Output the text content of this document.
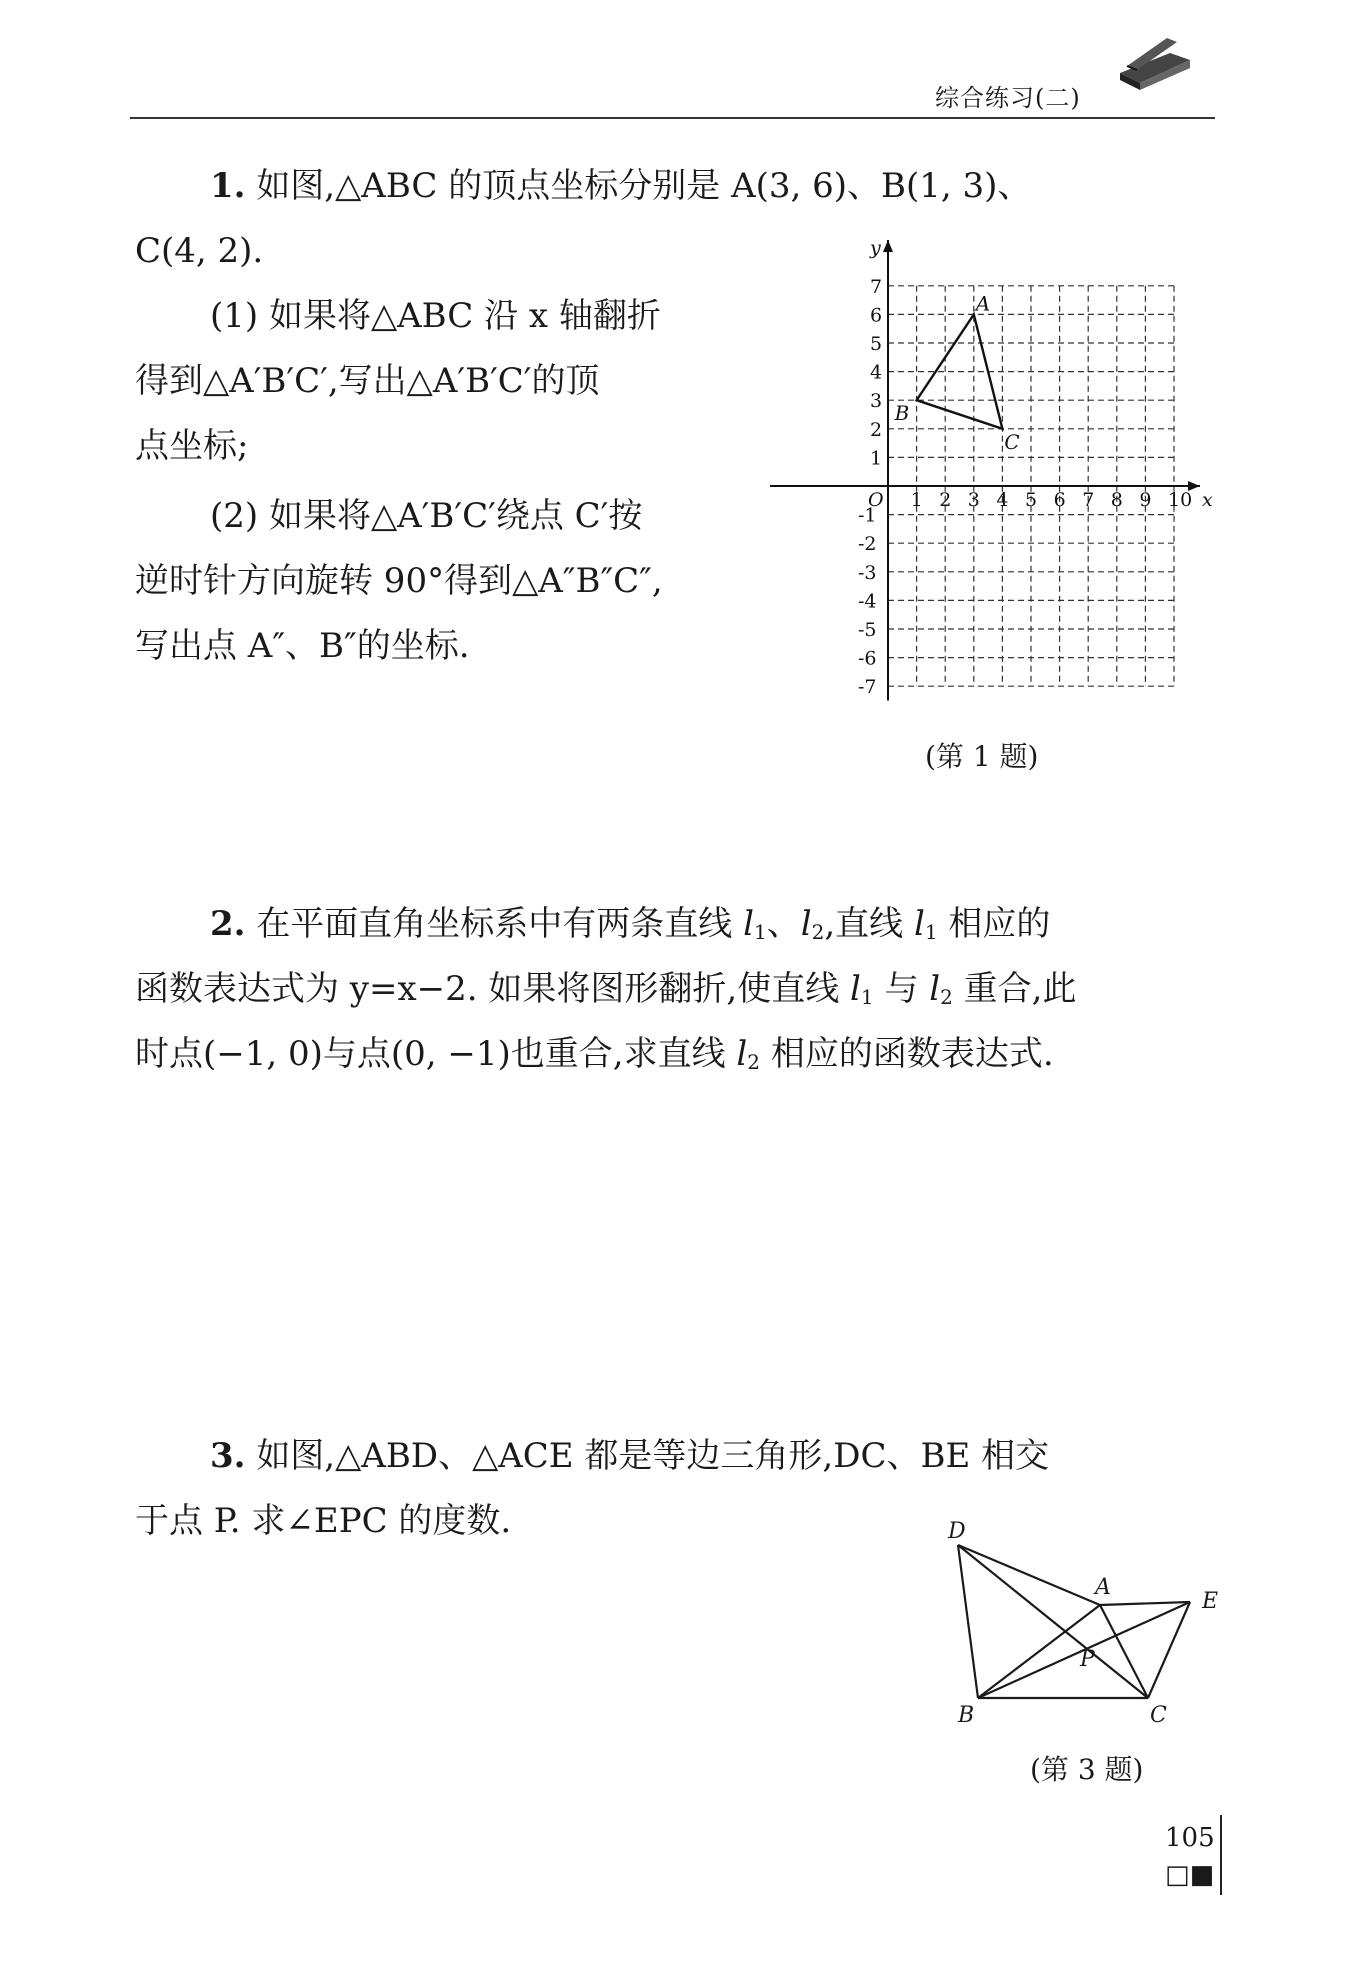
综合练习(二)
1. 如图,△ABC 的顶点坐标分别是 A(3, 6)、B(1, 3)、
C(4, 2).
(1) 如果将△ABC 沿 x 轴翻折
得到△A′B′C′,写出△A′B′C′的顶
点坐标;
(2) 如果将△A′B′C′绕点 C′按
逆时针方向旋转 90°得到△A″B″C″,
写出点 A″、B″的坐标.
1 2 3 4 5 6 7 8 9 10
1
2
3
4
5
6
7
-1
-2
-3
-4
-5
-6
-7
O	x
y
A
B
C
(第 1 题)
2. 在平面直角坐标系中有两条直线 $l_1$、$l_2$,直线 $l_1$ 相应的
函数表达式为 y=x−2. 如果将图形翻折,使直线 $l_1$ 与 $l_2$ 重合,此
时点(−1, 0)与点(0, −1)也重合,求直线 $l_2$ 相应的函数表达式.
3. 如图,△ABD、△ACE 都是等边三角形,DC、BE 相交
于点 P. 求∠EPC 的度数.	D
A
E
P
B	C
(第 3 题)
105
□■
